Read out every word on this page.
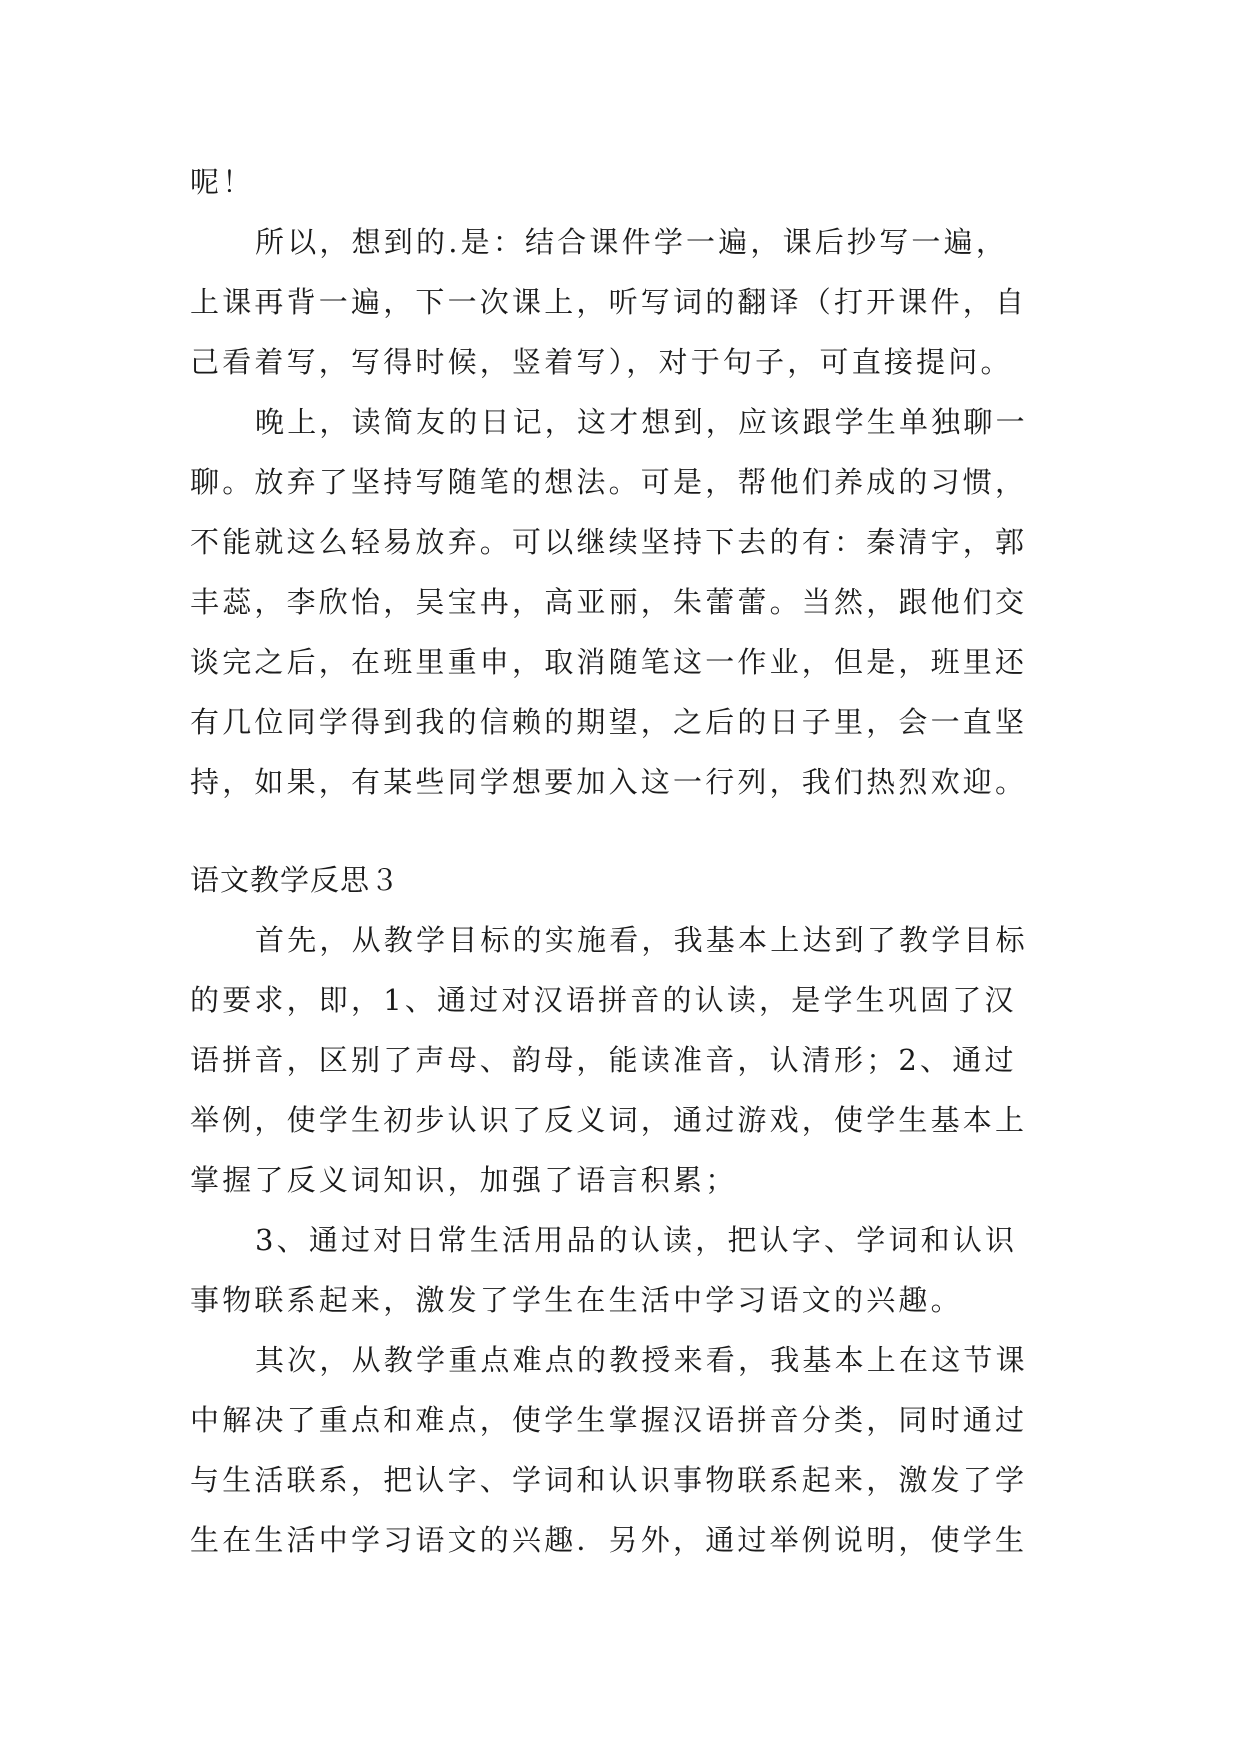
呢！
所以，想到的.是：结合课件学一遍，课后抄写一遍，
上课再背一遍，下一次课上，听写词的翻译（打开课件，自
己看着写，写得时候，竖着写），对于句子，可直接提问。
晚上，读简友的日记，这才想到，应该跟学生单独聊一
聊。放弃了坚持写随笔的想法。可是，帮他们养成的习惯，
不能就这么轻易放弃。可以继续坚持下去的有：秦清宇，郭
丰蕊，李欣怡，吴宝冉，高亚丽，朱蕾蕾。当然，跟他们交
谈完之后，在班里重申，取消随笔这一作业，但是，班里还
有几位同学得到我的信赖的期望，之后的日子里，会一直坚
持，如果，有某些同学想要加入这一行列，我们热烈欢迎。
语文教学反思３
首先，从教学目标的实施看，我基本上达到了教学目标
的要求，即，1、通过对汉语拼音的认读，是学生巩固了汉
语拼音，区别了声母、韵母，能读准音，认清形；2、通过
举例，使学生初步认识了反义词，通过游戏，使学生基本上
掌握了反义词知识，加强了语言积累；
3、通过对日常生活用品的认读，把认字、学词和认识
事物联系起来，激发了学生在生活中学习语文的兴趣。
其次，从教学重点难点的教授来看，我基本上在这节课
中解决了重点和难点，使学生掌握汉语拼音分类，同时通过
与生活联系，把认字、学词和认识事物联系起来，激发了学
生在生活中学习语文的兴趣．另外，通过举例说明，使学生
